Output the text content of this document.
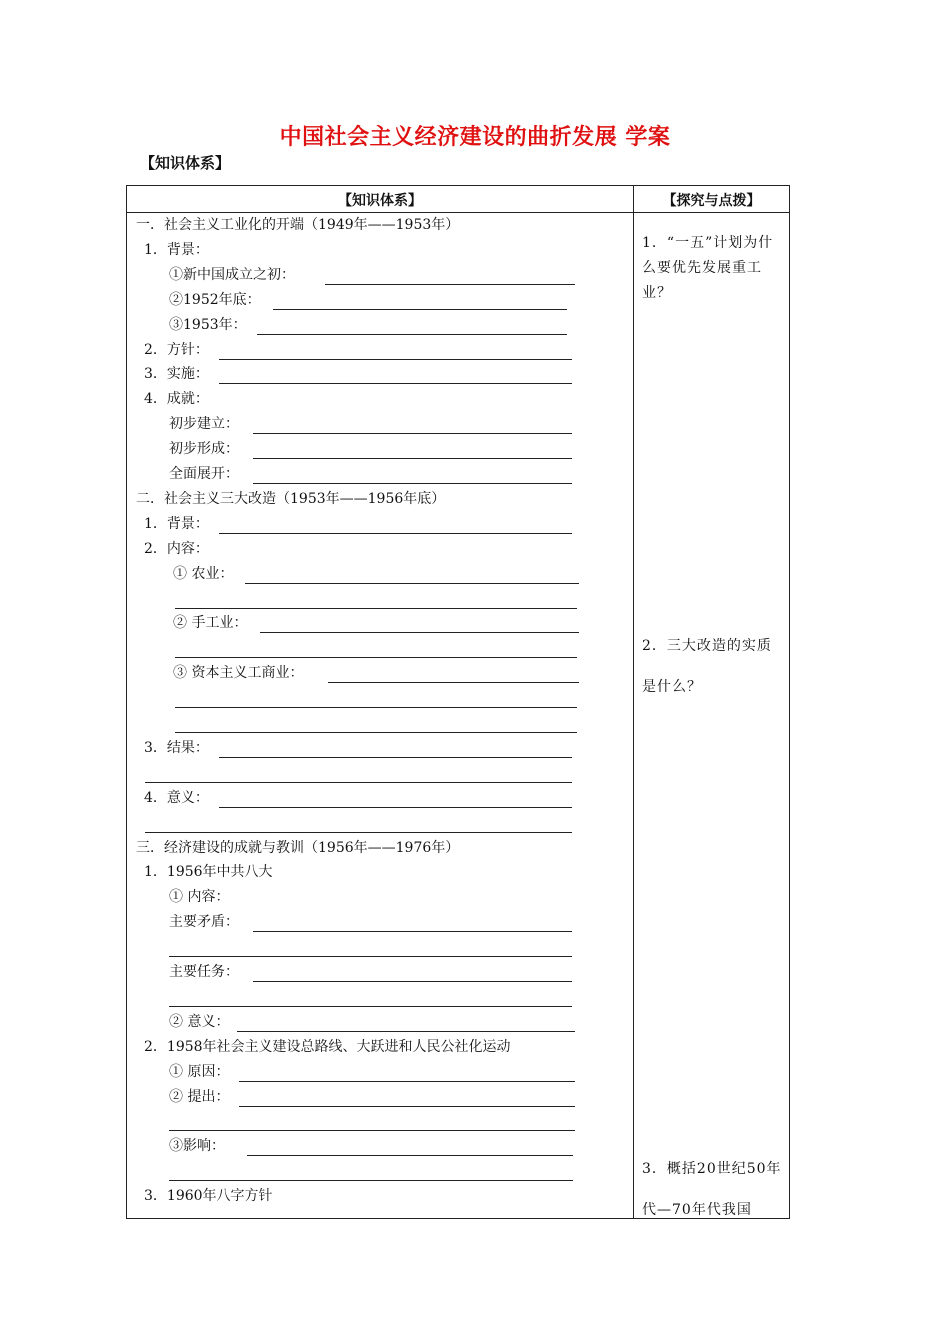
中国社会主义经济建设的曲折发展 学案
【知识体系】
【知识体系】	【探究与点拨】
一．社会主义工业化的开端（1949年——1953年）
1．背景：
①新中国成立之初：
②1952年底：
③1953年：
2．方针：
3．实施：
4．成就：
初步建立：
初步形成：
全面展开：
二．社会主义三大改造（1953年——1956年底）
1．背景：
2．内容：
① 农业：
② 手工业：
③ 资本主义工商业：
3．结果：
4．意义：
三．经济建设的成就与教训（1956年——1976年）
1．1956年中共八大
① 内容：
主要矛盾：
主要任务：
② 意义：
2．1958年社会主义建设总路线、大跃进和人民公社化运动
① 原因：
② 提出：
③影响：
3．1960年八字方针
1．“一五”计划为什么要优先发展重工业？
2．三大改造的实质是什么？
3．概括20世纪50年代—70年代我国
